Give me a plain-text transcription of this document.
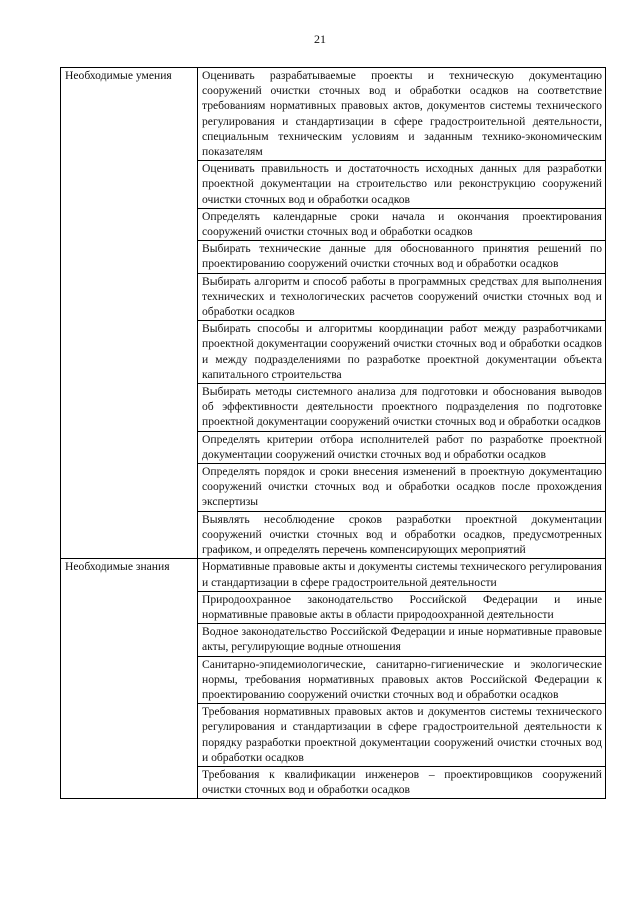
21
Необходимые умения	Оценивать разрабатываемые проекты и техническую документацию сооружений очистки сточных вод и обработки осадков на соответствие требованиям нормативных правовых актов, документов системы технического регулирования и стандартизации в сфере градостроительной деятельности, специальным техническим условиям и заданным технико-экономическим показателям
	Оценивать правильность и достаточность исходных данных для разработки проектной документации на строительство или реконструкцию сооружений очистки сточных вод и обработки осадков
	Определять календарные сроки начала и окончания проектирования сооружений очистки сточных вод и обработки осадков
	Выбирать технические данные для обоснованного принятия решений по проектированию сооружений очистки сточных вод и обработки осадков
	Выбирать алгоритм и способ работы в программных средствах для выполнения технических и технологических расчетов сооружений очистки сточных вод и обработки осадков
	Выбирать способы и алгоритмы координации работ между разработчиками проектной документации сооружений очистки сточных вод и обработки осадков и между подразделениями по разработке проектной документации объекта капитального строительства
	Выбирать методы системного анализа для подготовки и обоснования выводов об эффективности деятельности проектного подразделения по подготовке проектной документации сооружений очистки сточных вод и обработки осадков
	Определять критерии отбора исполнителей работ по разработке проектной документации сооружений очистки сточных вод и обработки осадков
	Определять порядок и сроки внесения изменений в проектную документацию сооружений очистки сточных вод и обработки осадков после прохождения экспертизы
	Выявлять несоблюдение сроков разработки проектной документации сооружений очистки сточных вод и обработки осадков, предусмотренных графиком, и определять перечень компенсирующих мероприятий
Необходимые знания	Нормативные правовые акты и документы системы технического регулирования и стандартизации в сфере градостроительной деятельности
	Природоохранное законодательство Российской Федерации и иные нормативные правовые акты в области природоохранной деятельности
	Водное законодательство Российской Федерации и иные нормативные правовые акты, регулирующие водные отношения
	Санитарно-эпидемиологические, санитарно-гигиенические и экологические нормы, требования нормативных правовых актов Российской Федерации к проектированию сооружений очистки сточных вод и обработки осадков
	Требования нормативных правовых актов и документов системы технического регулирования и стандартизации в сфере градостроительной деятельности к порядку разработки проектной документации сооружений очистки сточных вод и обработки осадков
	Требования к квалификации инженеров – проектировщиков сооружений очистки сточных вод и обработки осадков
